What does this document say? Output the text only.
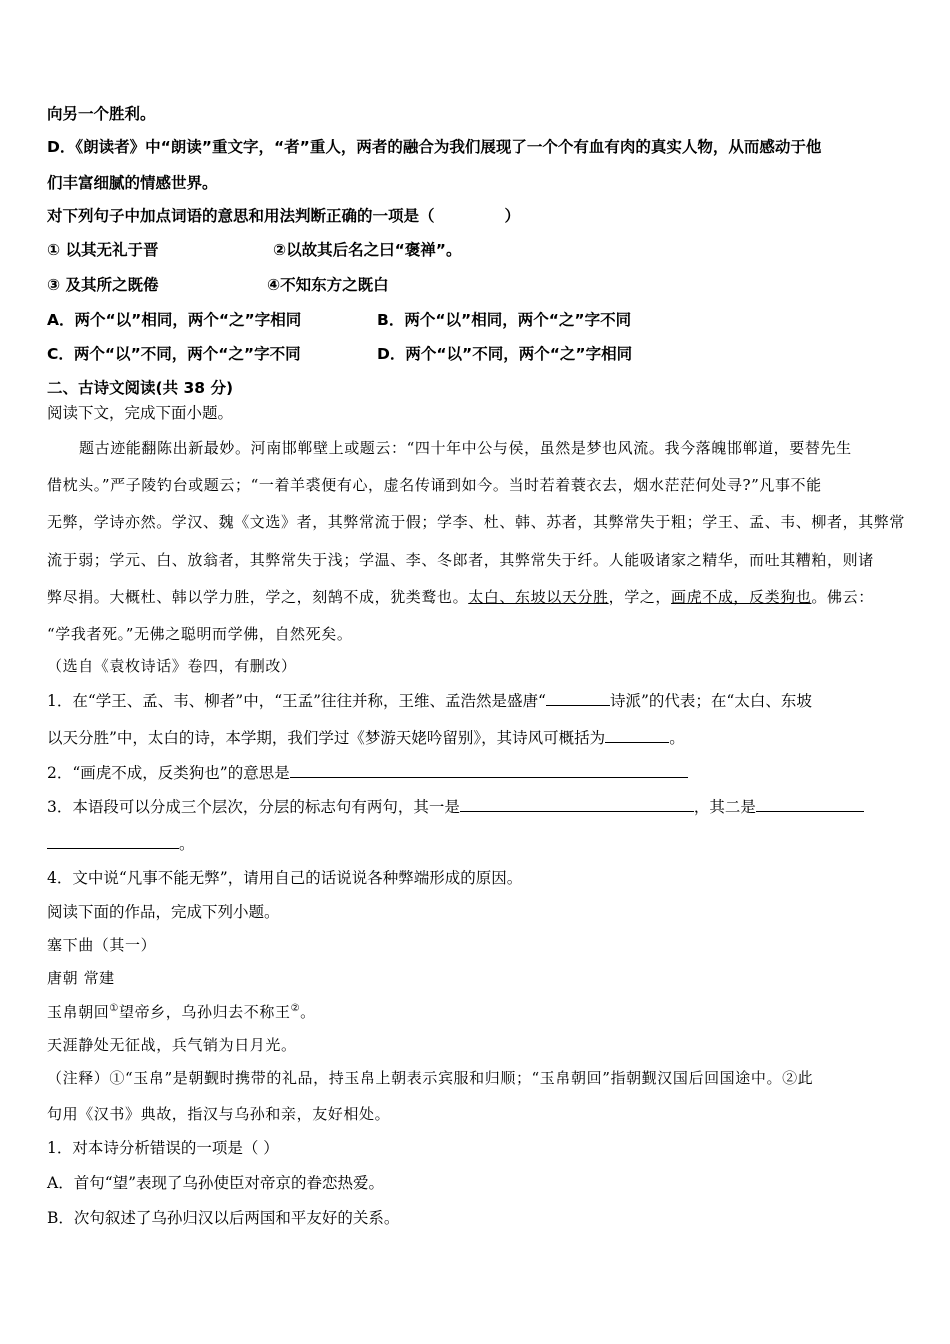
向另一个胜利。
D．《朗读者》中“朗读”重文字，“者”重人，两者的融合为我们展现了一个个有血有肉的真实人物，从而感动于他
们丰富细腻的情感世界。
对下列句子中加点词语的意思和用法判断正确的一项是（	）
① 以其无礼于晋	②以故其后名之曰“褒禅”。
③ 及其所之既倦	④不知东方之既白
A．两个“以”相同，两个“之”字相同	B．两个“以”相同，两个“之”字不同
C．两个“以”不同，两个“之”字不同	D．两个“以”不同，两个“之”字相同
二、古诗文阅读(共 38 分)
阅读下文，完成下面小题。
题古迹能翻陈出新最妙。河南邯郸壁上或题云：“四十年中公与侯，虽然是梦也风流。我今落魄邯郸道，要替先生
借枕头。”严子陵钓台或题云；“一着羊裘便有心，虚名传诵到如今。当时若着蓑衣去，烟水茫茫何处寻?”凡事不能
无弊，学诗亦然。学汉、魏《文选》者，其弊常流于假；学李、杜、韩、苏者，其弊常失于粗；学王、孟、韦、柳者，其弊常
流于弱；学元、白、放翁者，其弊常失于浅；学温、李、冬郎者，其弊常失于纤。人能吸诸家之精华，而吐其糟粕，则诸
弊尽捐。大概杜、韩以学力胜，学之，刻鹄不成，犹类鹜也。太白、东坡以天分胜，学之，画虎不成，反类狗也。佛云：
“学我者死。”无佛之聪明而学佛，自然死矣。
（选自《袁枚诗话》卷四，有删改）
1．在“学王、孟、韦、柳者”中，“王孟”往往并称，王维、孟浩然是盛唐“	诗派”的代表；在“太白、东坡
以天分胜”中，太白的诗，本学期，我们学过《梦游天姥吟留别》，其诗风可概括为	。
2．“画虎不成，反类狗也”的意思是
3．本语段可以分成三个层次，分层的标志句有两句，其一是	，其二是
。
4．文中说“凡事不能无弊”，请用自己的话说说各种弊端形成的原因。
阅读下面的作品，完成下列小题。
塞下曲（其一）
唐朝 常建
玉帛朝回①望帝乡，乌孙归去不称王②。
天涯静处无征战，兵气销为日月光。
（注释）①“玉帛”是朝觐时携带的礼品，持玉帛上朝表示宾服和归顺；“玉帛朝回”指朝觐汉国后回国途中。②此
句用《汉书》典故，指汉与乌孙和亲，友好相处。
1．对本诗分析错误的一项是（ ）
A．首句“望”表现了乌孙使臣对帝京的眷恋热爱。
B．次句叙述了乌孙归汉以后两国和平友好的关系。
